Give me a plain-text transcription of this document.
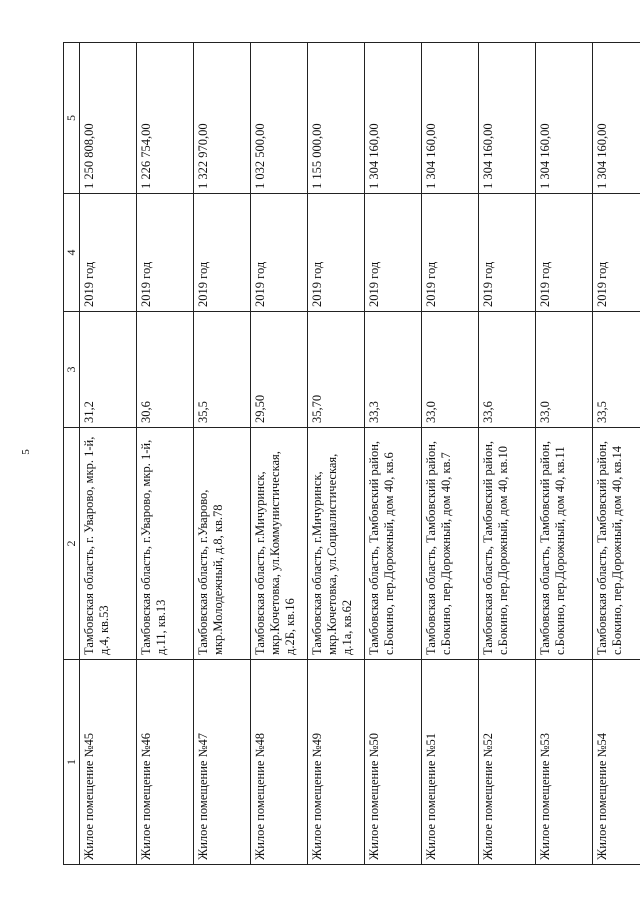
5
1	2	3	4	5
Жилое помещение №45	Тамбовская область, г. Уварово, мкр. 1-й, д.4, кв.53	31,2	2019 год	1 250 808,00
Жилое помещение №46	Тамбовская область, г.Уварово, мкр. 1-й, д.11, кв.13	30,6	2019 год	1 226 754,00
Жилое помещение №47	Тамбовская область, г.Уварово, мкр.Молодежный, д.8, кв.78	35,5	2019 год	1 322 970,00
Жилое помещение №48	Тамбовская область, г.Мичуринск, мкр.Кочетовка, ул.Коммунистическая, д.2Б, кв.16	29,50	2019 год	1 032 500,00
Жилое помещение №49	Тамбовская область, г.Мичуринск, мкр.Кочетовка, ул.Социалистическая, д.1а, кв.62	35,70	2019 год	1 155 000,00
Жилое помещение №50	Тамбовская область, Тамбовский район, с.Бокино, пер.Дорожный, дом 40, кв.6	33,3	2019 год	1 304 160,00
Жилое помещение №51	Тамбовская область, Тамбовский район, с.Бокино, пер.Дорожный, дом 40, кв.7	33,0	2019 год	1 304 160,00
Жилое помещение №52	Тамбовская область, Тамбовский район, с.Бокино, пер.Дорожный, дом 40, кв.10	33,6	2019 год	1 304 160,00
Жилое помещение №53	Тамбовская область, Тамбовский район, с.Бокино, пер.Дорожный, дом 40, кв.11	33,0	2019 год	1 304 160,00
Жилое помещение №54	Тамбовская область, Тамбовский район, с.Бокино, пер.Дорожный, дом 40, кв.14	33,5	2019 год	1 304 160,00
